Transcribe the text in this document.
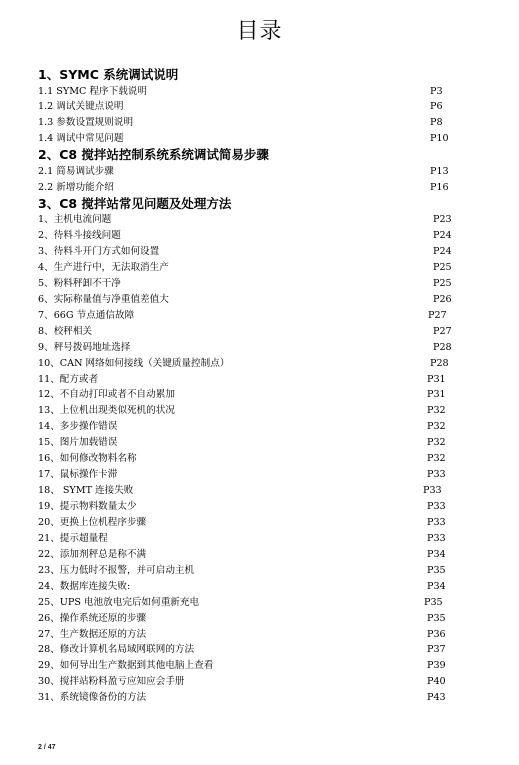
目录
1、SYMC 系统调试说明
1.1 SYMC 程序下载说明	P3
1.2 调试关键点说明	P6
1.3 参数设置规则说明	P8
1.4 调试中常见问题	P10
2、C8 搅拌站控制系统系统调试简易步骤
2.1 简易调试步骤	P13
2.2 新增功能介绍	P16
3、C8 搅拌站常见问题及处理方法
1、主机电流问题	P23
2、待料斗接线问题	P24
3、待料斗开门方式如何设置	P24
4、生产进行中，无法取消生产	P25
5、粉料秤卸不干净	P25
6、实际称量值与净重值差值大	P26
7、66G 节点通信故障	P27
8、校秤相关	P27
9、秤号拨码地址选择	P28
10、CAN 网络如何接线（关键质量控制点）	P28
11、配方或者	P31
12、不自动打印或者不自动累加	P31
13、上位机出现类似死机的状况	P32
14、多步操作错误	P32
15、图片加载错误	P32
16、如何修改物料名称	P32
17、鼠标操作卡滞	P33
18、 SYMT 连接失败	P33
19、提示物料数量太少	P33
20、更换上位机程序步骤	P33
21、提示超量程	P33
22、添加剂秤总是称不满	P34
23、压力低时不报警，并可启动主机	P35
24、数据库连接失败:	P34
25、UPS 电池放电完后如何重新充电	P35
26、操作系统还原的步骤	P35
27、生产数据还原的方法	P36
28、修改计算机名局域网联网的方法	P37
29、如何导出生产数据到其他电脑上查看	P39
30、搅拌站粉料盈亏应知应会手册	P40
31、系统镜像备份的方法	P43
2 / 47
